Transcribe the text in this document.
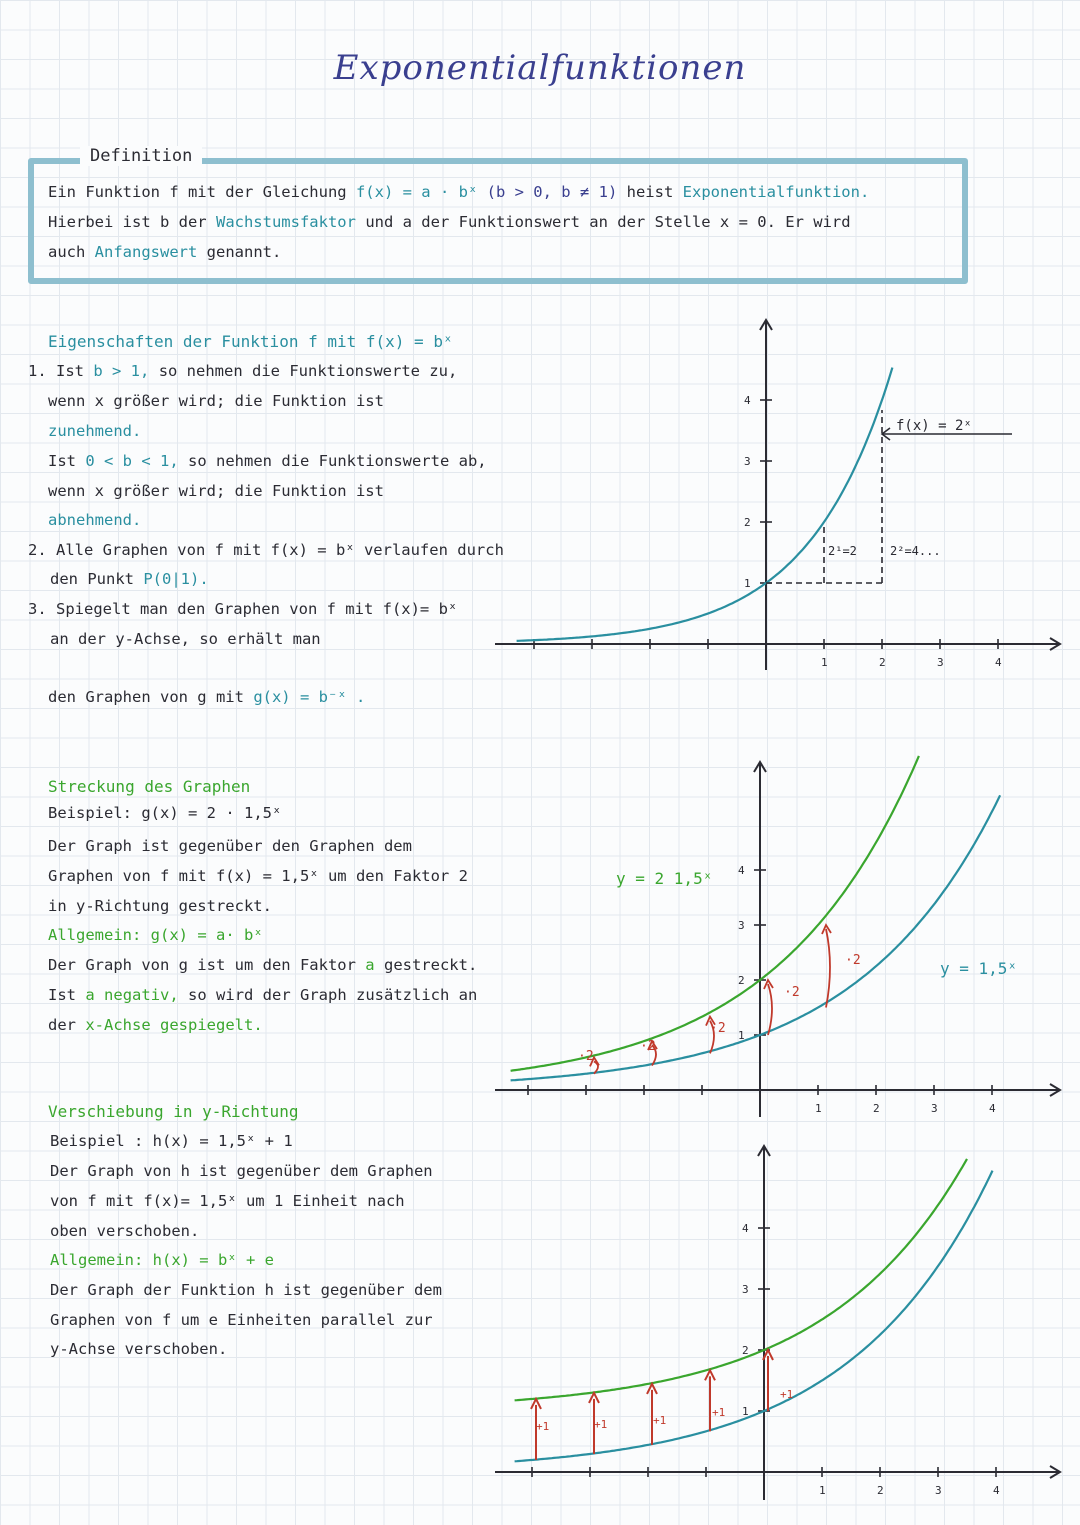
Exponentialfunktionen
Definition
Ein Funktion f mit der Gleichung f(x) = a · bˣ (b > 0, b ≠ 1) heist Exponentialfunktion.
Hierbei ist b der Wachstumsfaktor und a der Funktionswert an der Stelle x = 0. Er wird
auch Anfangswert genannt.
Eigenschaften der Funktion f mit f(x) = bˣ
1. Ist b > 1, so nehmen die Funktionswerte zu,
wenn x größer wird; die Funktion ist
zunehmend.
Ist 0 < b < 1, so nehmen die Funktionswerte ab,
wenn x größer wird; die Funktion ist
abnehmend.
2. Alle Graphen von f mit f(x) = bˣ verlaufen durch
den Punkt P(0|1).
3. Spiegelt man den Graphen von f mit f(x)= bˣ
an der y-Achse, so erhält man
den Graphen von g mit g(x) = b⁻ˣ .
Streckung des Graphen
Beispiel: g(x) = 2 · 1,5ˣ
Der Graph ist gegenüber den Graphen dem
Graphen von f mit f(x) = 1,5ˣ um den Faktor 2
in y-Richtung gestreckt.
Allgemein: g(x) = a· bˣ
Der Graph von g ist um den Faktor a gestreckt.
Ist a negativ, so wird der Graph zusätzlich an
der x-Achse gespiegelt.
Verschiebung in y-Richtung
Beispiel : h(x) = 1,5ˣ + 1
Der Graph von h ist gegenüber dem Graphen
von f mit f(x)= 1,5ˣ um 1 Einheit nach
oben verschoben.
Allgemein: h(x) = bˣ + e
Der Graph der Funktion h ist gegenüber dem
Graphen von f um e Einheiten parallel zur
y-Achse verschoben.
1	2	3	4
1
2
3
4
f(x) = 2ˣ
2¹=2	2²=4...
1	2	3	4
1
2
3
4
y = 2 1,5ˣ
y = 1,5ˣ
·2
·2
·2
·2
·2
1	2	3	4
1
2
3
4
+1	+1	+1
+1
+1
